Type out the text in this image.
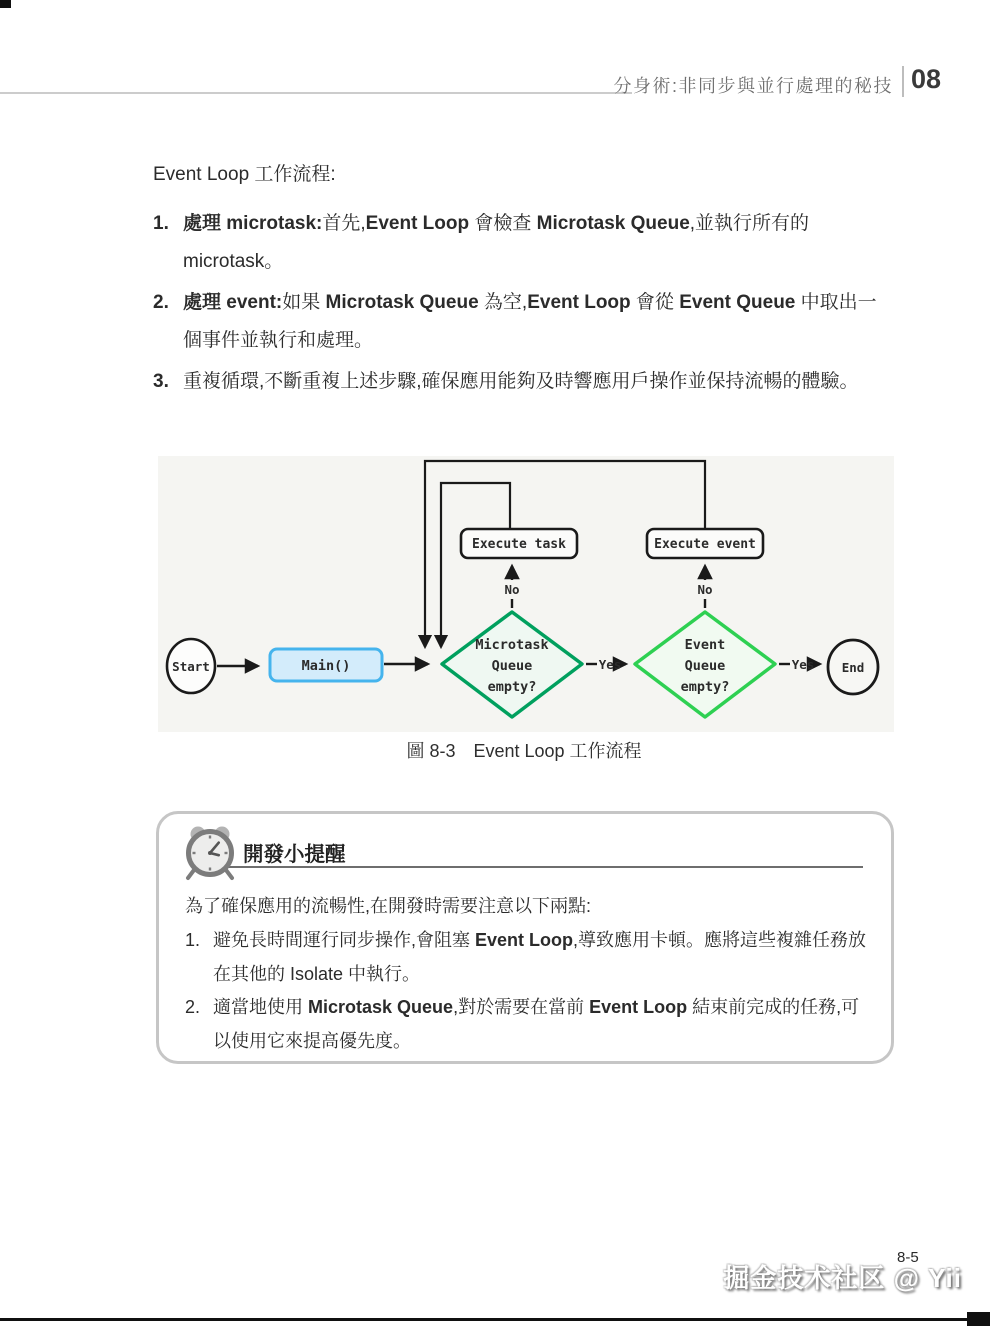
分身術:非同步與並行處理的秘技 08
Event Loop 工作流程:
1. 處理 microtask:首先,Event Loop 會檢查 Microtask Queue,並執行所有的 microtask。
2. 處理 event:如果 Microtask Queue 為空,Event Loop 會從 Event Queue 中取出一個事件並執行和處理。
3. 重複循環,不斷重複上述步驟,確保應用能夠及時響應用戶操作並保持流暢的體驗。
Start	Main()
Microtask
Queue
empty?
Event
Queue
empty?
Execute task	Execute event
End
Yes	Yes
No	No
圖 8-3　Event Loop 工作流程
開發小提醒
為了確保應用的流暢性,在開發時需要注意以下兩點:
1. 避免長時間運行同步操作,會阻塞 Event Loop,導致應用卡頓。應將這些複雜任務放在其他的 Isolate 中執行。
2. 適當地使用 Microtask Queue,對於需要在當前 Event Loop 結束前完成的任務,可以使用它來提高優先度。
8-5
掘金技术社区 @ Yii
